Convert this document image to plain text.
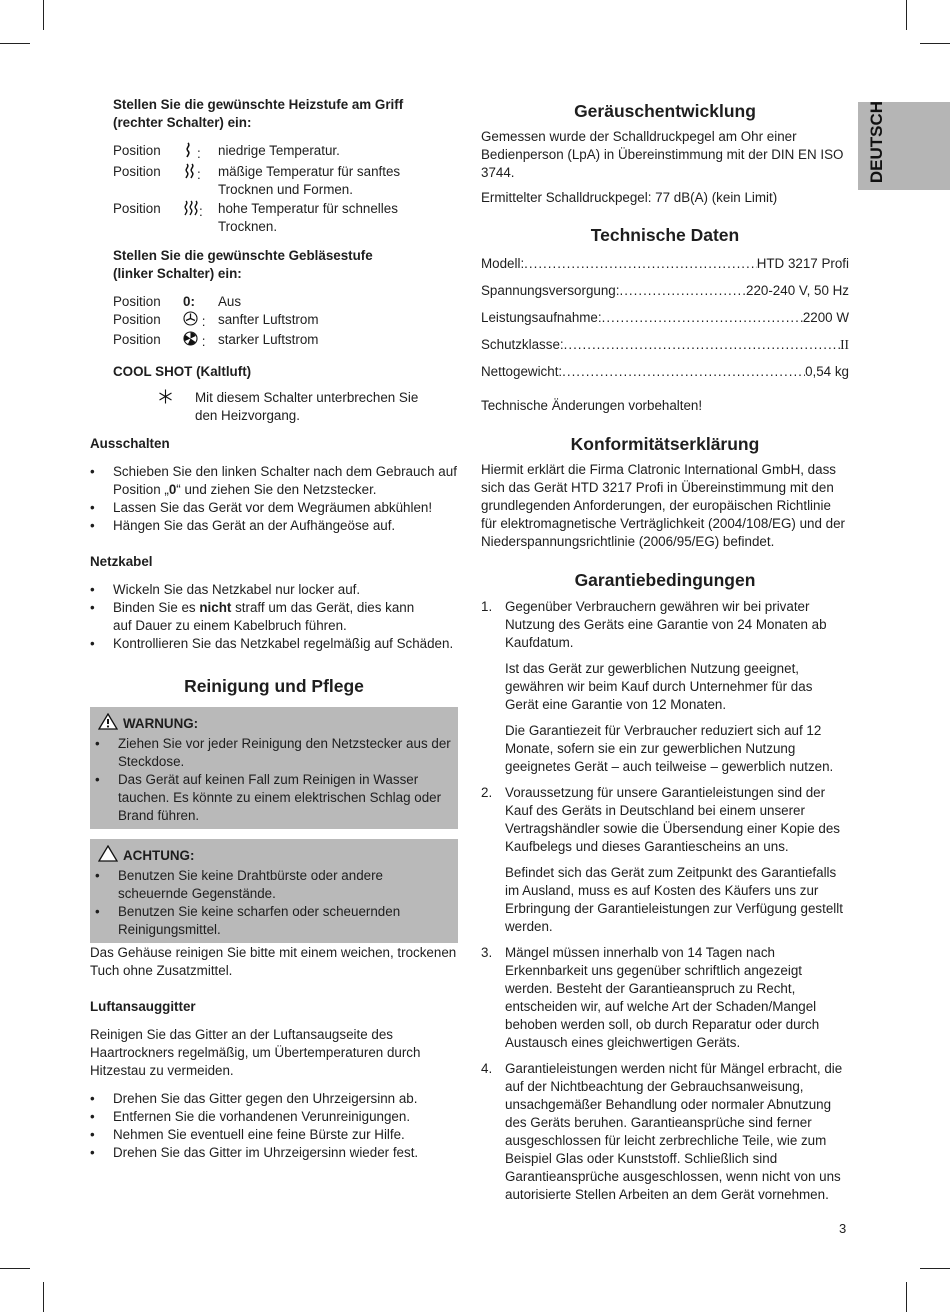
DEUTSCH

Stellen Sie die gewünschte Heizstufe am Griff (rechter Schalter) ein:

Position	:	niedrige Temperatur.
Position	:	mäßige Temperatur für sanftes Trocknen und Formen.
Position	:	hohe Temperatur für schnelles Trocknen.

Stellen Sie die gewünschte Gebläsestufe (linker Schalter) ein:

Position	0:	Aus
Position	: sanfter Luftstrom
Position	: starker Luftstrom

COOL SHOT (Kaltluft)

Mit diesem Schalter unterbrechen Sie den Heizvorgang.

Ausschalten

• Schieben Sie den linken Schalter nach dem Gebrauch auf Position „0“ und ziehen Sie den Netzstecker.
• Lassen Sie das Gerät vor dem Wegräumen abkühlen!
• Hängen Sie das Gerät an der Aufhängeöse auf.

Netzkabel

• Wickeln Sie das Netzkabel nur locker auf.
• Binden Sie es nicht straff um das Gerät, dies kann auf Dauer zu einem Kabelbruch führen.
• Kontrollieren Sie das Netzkabel regelmäßig auf Schäden.

Reinigung und Pflege

WARNUNG:
• Ziehen Sie vor jeder Reinigung den Netzstecker aus der Steckdose.
• Das Gerät auf keinen Fall zum Reinigen in Wasser tauchen. Es könnte zu einem elektrischen Schlag oder Brand führen.
ACHTUNG:
• Benutzen Sie keine Drahtbürste oder andere scheuernde Gegenstände.
• Benutzen Sie keine scharfen oder scheuernden Reinigungsmittel.

Das Gehäuse reinigen Sie bitte mit einem weichen, trockenen Tuch ohne Zusatzmittel.

Luftansauggitter

Reinigen Sie das Gitter an der Luftansaugseite des Haartrockners regelmäßig, um Übertemperaturen durch Hitzestau zu vermeiden.

• Drehen Sie das Gitter gegen den Uhrzeigersinn ab.
• Entfernen Sie die vorhandenen Verunreinigungen.
• Nehmen Sie eventuell eine feine Bürste zur Hilfe.
• Drehen Sie das Gitter im Uhrzeigersinn wieder fest.

Geräuschentwicklung

Gemessen wurde der Schalldruckpegel am Ohr einer Bedienperson (LpA) in Übereinstimmung mit der DIN EN ISO 3744.

Ermittelter Schalldruckpegel: 77 dB(A) (kein Limit)

Technische Daten

Modell: .....	HTD 3217 Profi
Spannungsversorgung: .....	220-240 V, 50 Hz
Leistungsaufnahme: .....	2200 W
Schutzklasse: .....	II
Nettogewicht: .....	0,54 kg

Technische Änderungen vorbehalten!

Konformitätserklärung

Hiermit erklärt die Firma Clatronic International GmbH, dass sich das Gerät HTD 3217 Profi in Übereinstimmung mit den grundlegenden Anforderungen, der europäischen Richtlinie für elektromagnetische Verträglichkeit (2004/108/EG) und der Niederspannungsrichtlinie (2006/95/EG) befindet.

Garantiebedingungen

1. Gegenüber Verbrauchern gewähren wir bei privater Nutzung des Geräts eine Garantie von 24 Monaten ab Kaufdatum.

Ist das Gerät zur gewerblichen Nutzung geeignet, gewähren wir beim Kauf durch Unternehmer für das Gerät eine Garantie von 12 Monaten.

Die Garantiezeit für Verbraucher reduziert sich auf 12 Monate, sofern sie ein zur gewerblichen Nutzung geeignetes Gerät – auch teilweise – gewerblich nutzen.

2. Voraussetzung für unsere Garantieleistungen sind der Kauf des Geräts in Deutschland bei einem unserer Vertragshändler sowie die Übersendung einer Kopie des Kaufbelegs und dieses Garantiescheins an uns.

Befindet sich das Gerät zum Zeitpunkt des Garantiefalls im Ausland, muss es auf Kosten des Käufers uns zur Erbringung der Garantieleistungen zur Verfügung gestellt werden.

3. Mängel müssen innerhalb von 14 Tagen nach Erkennbarkeit uns gegenüber schriftlich angezeigt werden. Besteht der Garantieanspruch zu Recht, entscheiden wir, auf welche Art der Schaden/Mangel behoben werden soll, ob durch Reparatur oder durch Austausch eines gleichwertigen Geräts.

4. Garantieleistungen werden nicht für Mängel erbracht, die auf der Nichtbeachtung der Gebrauchsanweisung, unsachgemäßer Behandlung oder normaler Abnutzung des Geräts beruhen. Garantieansprüche sind ferner ausgeschlossen für leicht zerbrechliche Teile, wie zum Beispiel Glas oder Kunststoff. Schließlich sind Garantieansprüche ausgeschlossen, wenn nicht von uns autorisierte Stellen Arbeiten an dem Gerät vornehmen.

3
